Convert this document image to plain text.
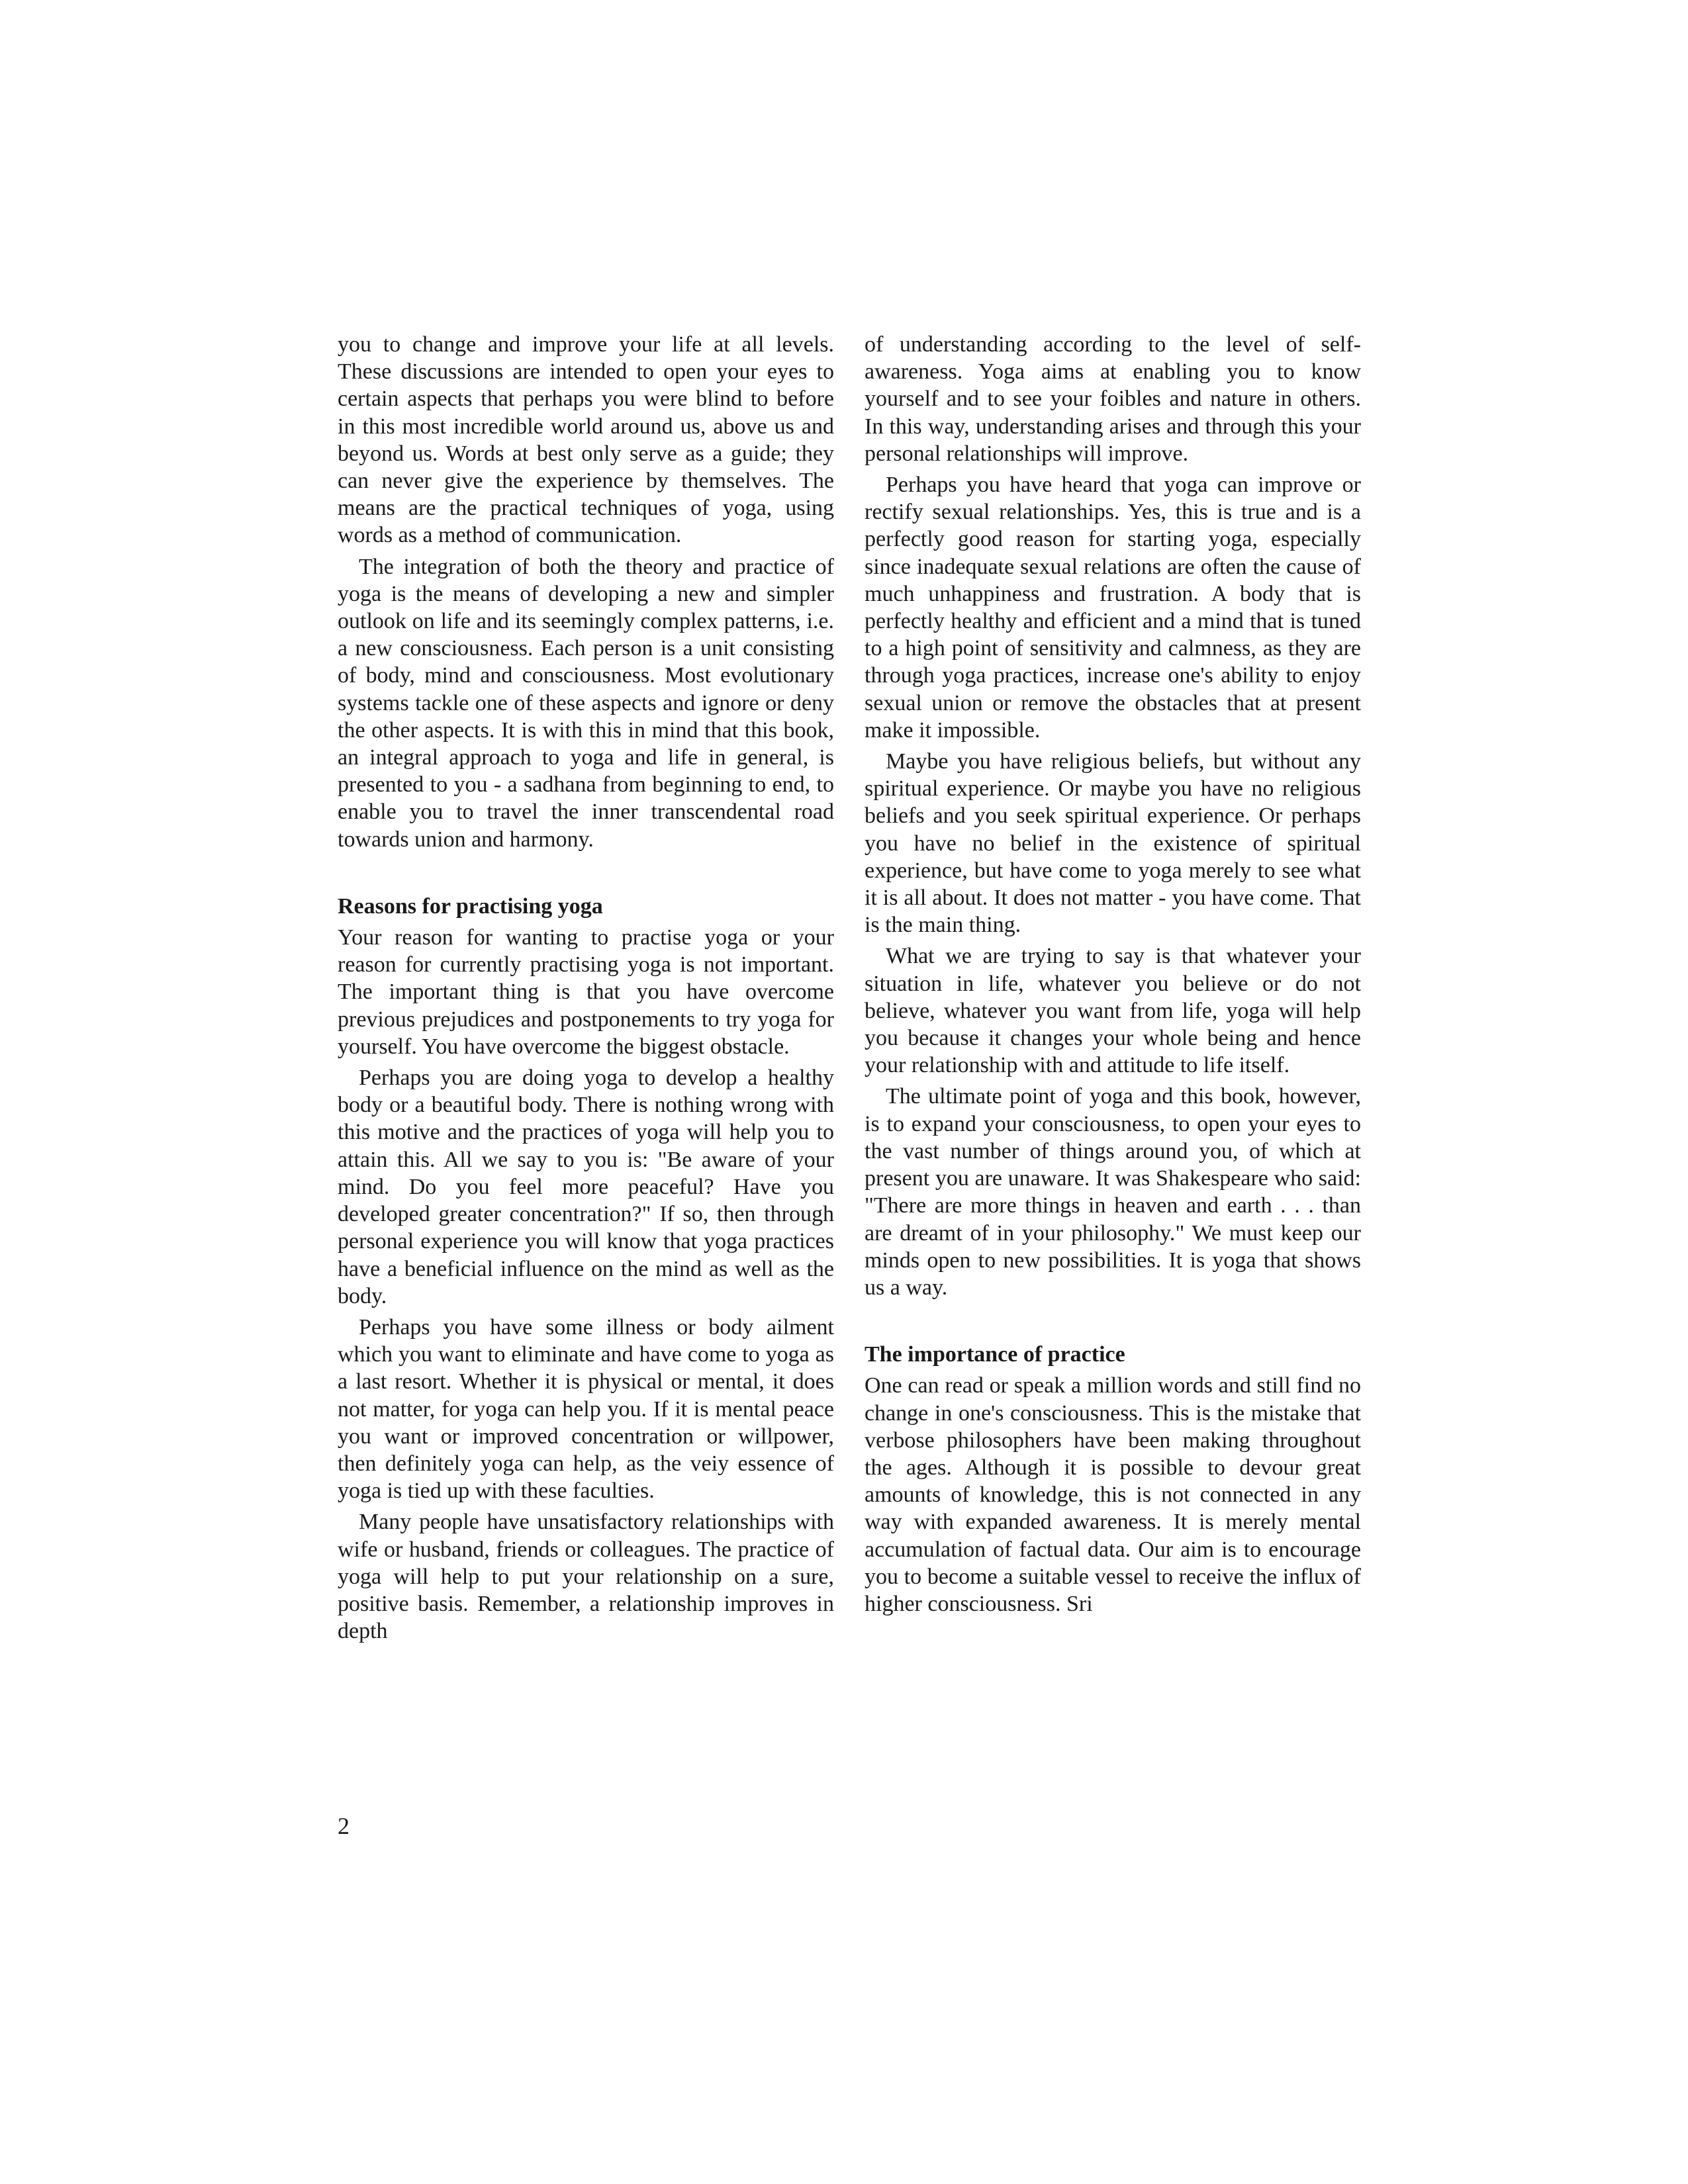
you to change and improve your life at all levels. These discussions are intended to open your eyes to certain aspects that perhaps you were blind to before in this most incredible world around us, above us and beyond us. Words at best only serve as a guide; they can never give the experience by themselves. The means are the practical techniques of yoga, using words as a method of communication.

The integration of both the theory and practice of yoga is the means of developing a new and simpler outlook on life and its seemingly complex patterns, i.e. a new consciousness. Each person is a unit consisting of body, mind and consciousness. Most evolutionary systems tackle one of these aspects and ignore or deny the other aspects. It is with this in mind that this book, an integral approach to yoga and life in general, is presented to you - a sadhana from beginning to end, to enable you to travel the inner transcendental road towards union and harmony.

Reasons for practising yoga

Your reason for wanting to practise yoga or your reason for currently practising yoga is not important. The important thing is that you have overcome previous prejudices and postponements to try yoga for yourself. You have overcome the biggest obstacle.

Perhaps you are doing yoga to develop a healthy body or a beautiful body. There is nothing wrong with this motive and the practices of yoga will help you to attain this. All we say to you is: "Be aware of your mind. Do you feel more peaceful? Have you developed greater concentration?" If so, then through personal experience you will know that yoga practices have a beneficial influence on the mind as well as the body.

Perhaps you have some illness or body ailment which you want to eliminate and have come to yoga as a last resort. Whether it is physical or mental, it does not matter, for yoga can help you. If it is mental peace you want or improved concentration or willpower, then definitely yoga can help, as the veiy essence of yoga is tied up with these faculties.

Many people have unsatisfactory relationships with wife or husband, friends or colleagues. The practice of yoga will help to put your relationship on a sure, positive basis. Remember, a relationship improves in depth

of understanding according to the level of self-awareness. Yoga aims at enabling you to know yourself and to see your foibles and nature in others. In this way, understanding arises and through this your personal relationships will improve.

Perhaps you have heard that yoga can improve or rectify sexual relationships. Yes, this is true and is a perfectly good reason for starting yoga, especially since inadequate sexual relations are often the cause of much unhappiness and frustration. A body that is perfectly healthy and efficient and a mind that is tuned to a high point of sensitivity and calmness, as they are through yoga practices, increase one's ability to enjoy sexual union or remove the obstacles that at present make it impossible.

Maybe you have religious beliefs, but without any spiritual experience. Or maybe you have no religious beliefs and you seek spiritual experience. Or perhaps you have no belief in the existence of spiritual experience, but have come to yoga merely to see what it is all about. It does not matter - you have come. That is the main thing.

What we are trying to say is that whatever your situation in life, whatever you believe or do not believe, whatever you want from life, yoga will help you because it changes your whole being and hence your relationship with and attitude to life itself.

The ultimate point of yoga and this book, however, is to expand your consciousness, to open your eyes to the vast number of things around you, of which at present you are unaware. It was Shakespeare who said: "There are more things in heaven and earth . . . than are dreamt of in your philosophy." We must keep our minds open to new possibilities. It is yoga that shows us a way.

The importance of practice

One can read or speak a million words and still find no change in one's consciousness. This is the mistake that verbose philosophers have been making throughout the ages. Although it is possible to devour great amounts of knowledge, this is not connected in any way with expanded awareness. It is merely mental accumulation of factual data. Our aim is to encourage you to become a suitable vessel to receive the influx of higher consciousness. Sri

2
